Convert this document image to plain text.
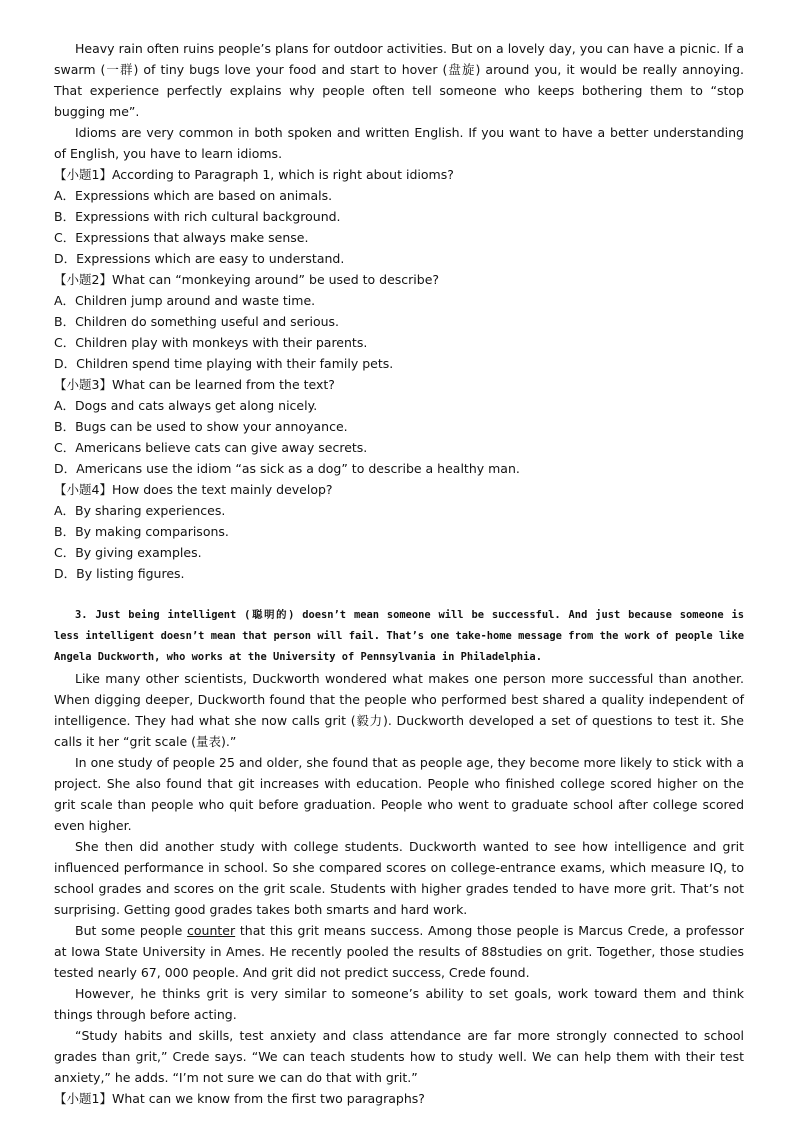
Heavy rain often ruins people’s plans for outdoor activities. But on a lovely day, you can have a picnic. If a swarm (一群) of tiny bugs love your food and start to hover (盘旋) around you, it would be really annoying. That experience perfectly explains why people often tell someone who keeps bothering them to “stop bugging me”.
Idioms are very common in both spoken and written English. If you want to have a better understanding of English, you have to learn idioms.
【小题1】According to Paragraph 1, which is right about idioms?
A．Expressions which are based on animals.
B．Expressions with rich cultural background.
C．Expressions that always make sense.
D．Expressions which are easy to understand.
【小题2】What can “monkeying around” be used to describe?
A．Children jump around and waste time.
B．Children do something useful and serious.
C．Children play with monkeys with their parents.
D．Children spend time playing with their family pets.
【小题3】What can be learned from the text?
A．Dogs and cats always get along nicely.
B．Bugs can be used to show your annoyance.
C．Americans believe cats can give away secrets.
D．Americans use the idiom “as sick as a dog” to describe a healthy man.
【小题4】How does the text mainly develop?
A．By sharing experiences.
B．By making comparisons.
C．By giving examples.
D．By listing figures.
3. Just being intelligent (聪明的) doesn’t mean someone will be successful. And just because someone is less intelligent doesn’t mean that person will fail. That’s one take-home message from the work of people like Angela Duckworth, who works at the University of Pennsylvania in Philadelphia.
Like many other scientists, Duckworth wondered what makes one person more successful than another. When digging deeper, Duckworth found that the people who performed best shared a quality independent of intelligence. They had what she now calls grit (毅力). Duckworth developed a set of questions to test it. She calls it her “grit scale (量表).”
In one study of people 25 and older, she found that as people age, they become more likely to stick with a project. She also found that git increases with education. People who finished college scored higher on the grit scale than people who quit before graduation. People who went to graduate school after college scored even higher.
She then did another study with college students. Duckworth wanted to see how intelligence and grit influenced performance in school. So she compared scores on college-entrance exams, which measure IQ, to school grades and scores on the grit scale. Students with higher grades tended to have more grit. That’s not surprising. Getting good grades takes both smarts and hard work.
But some people counter that this grit means success. Among those people is Marcus Crede, a professor at Iowa State University in Ames. He recently pooled the results of 88studies on grit. Together, those studies tested nearly 67, 000 people. And grit did not predict success, Crede found.
However, he thinks grit is very similar to someone’s ability to set goals, work toward them and think things through before acting.
“Study habits and skills, test anxiety and class attendance are far more strongly connected to school grades than grit,” Crede says. “We can teach students how to study well. We can help them with their test anxiety,” he adds. “I’m not sure we can do that with grit.”
【小题1】What can we know from the first two paragraphs?
